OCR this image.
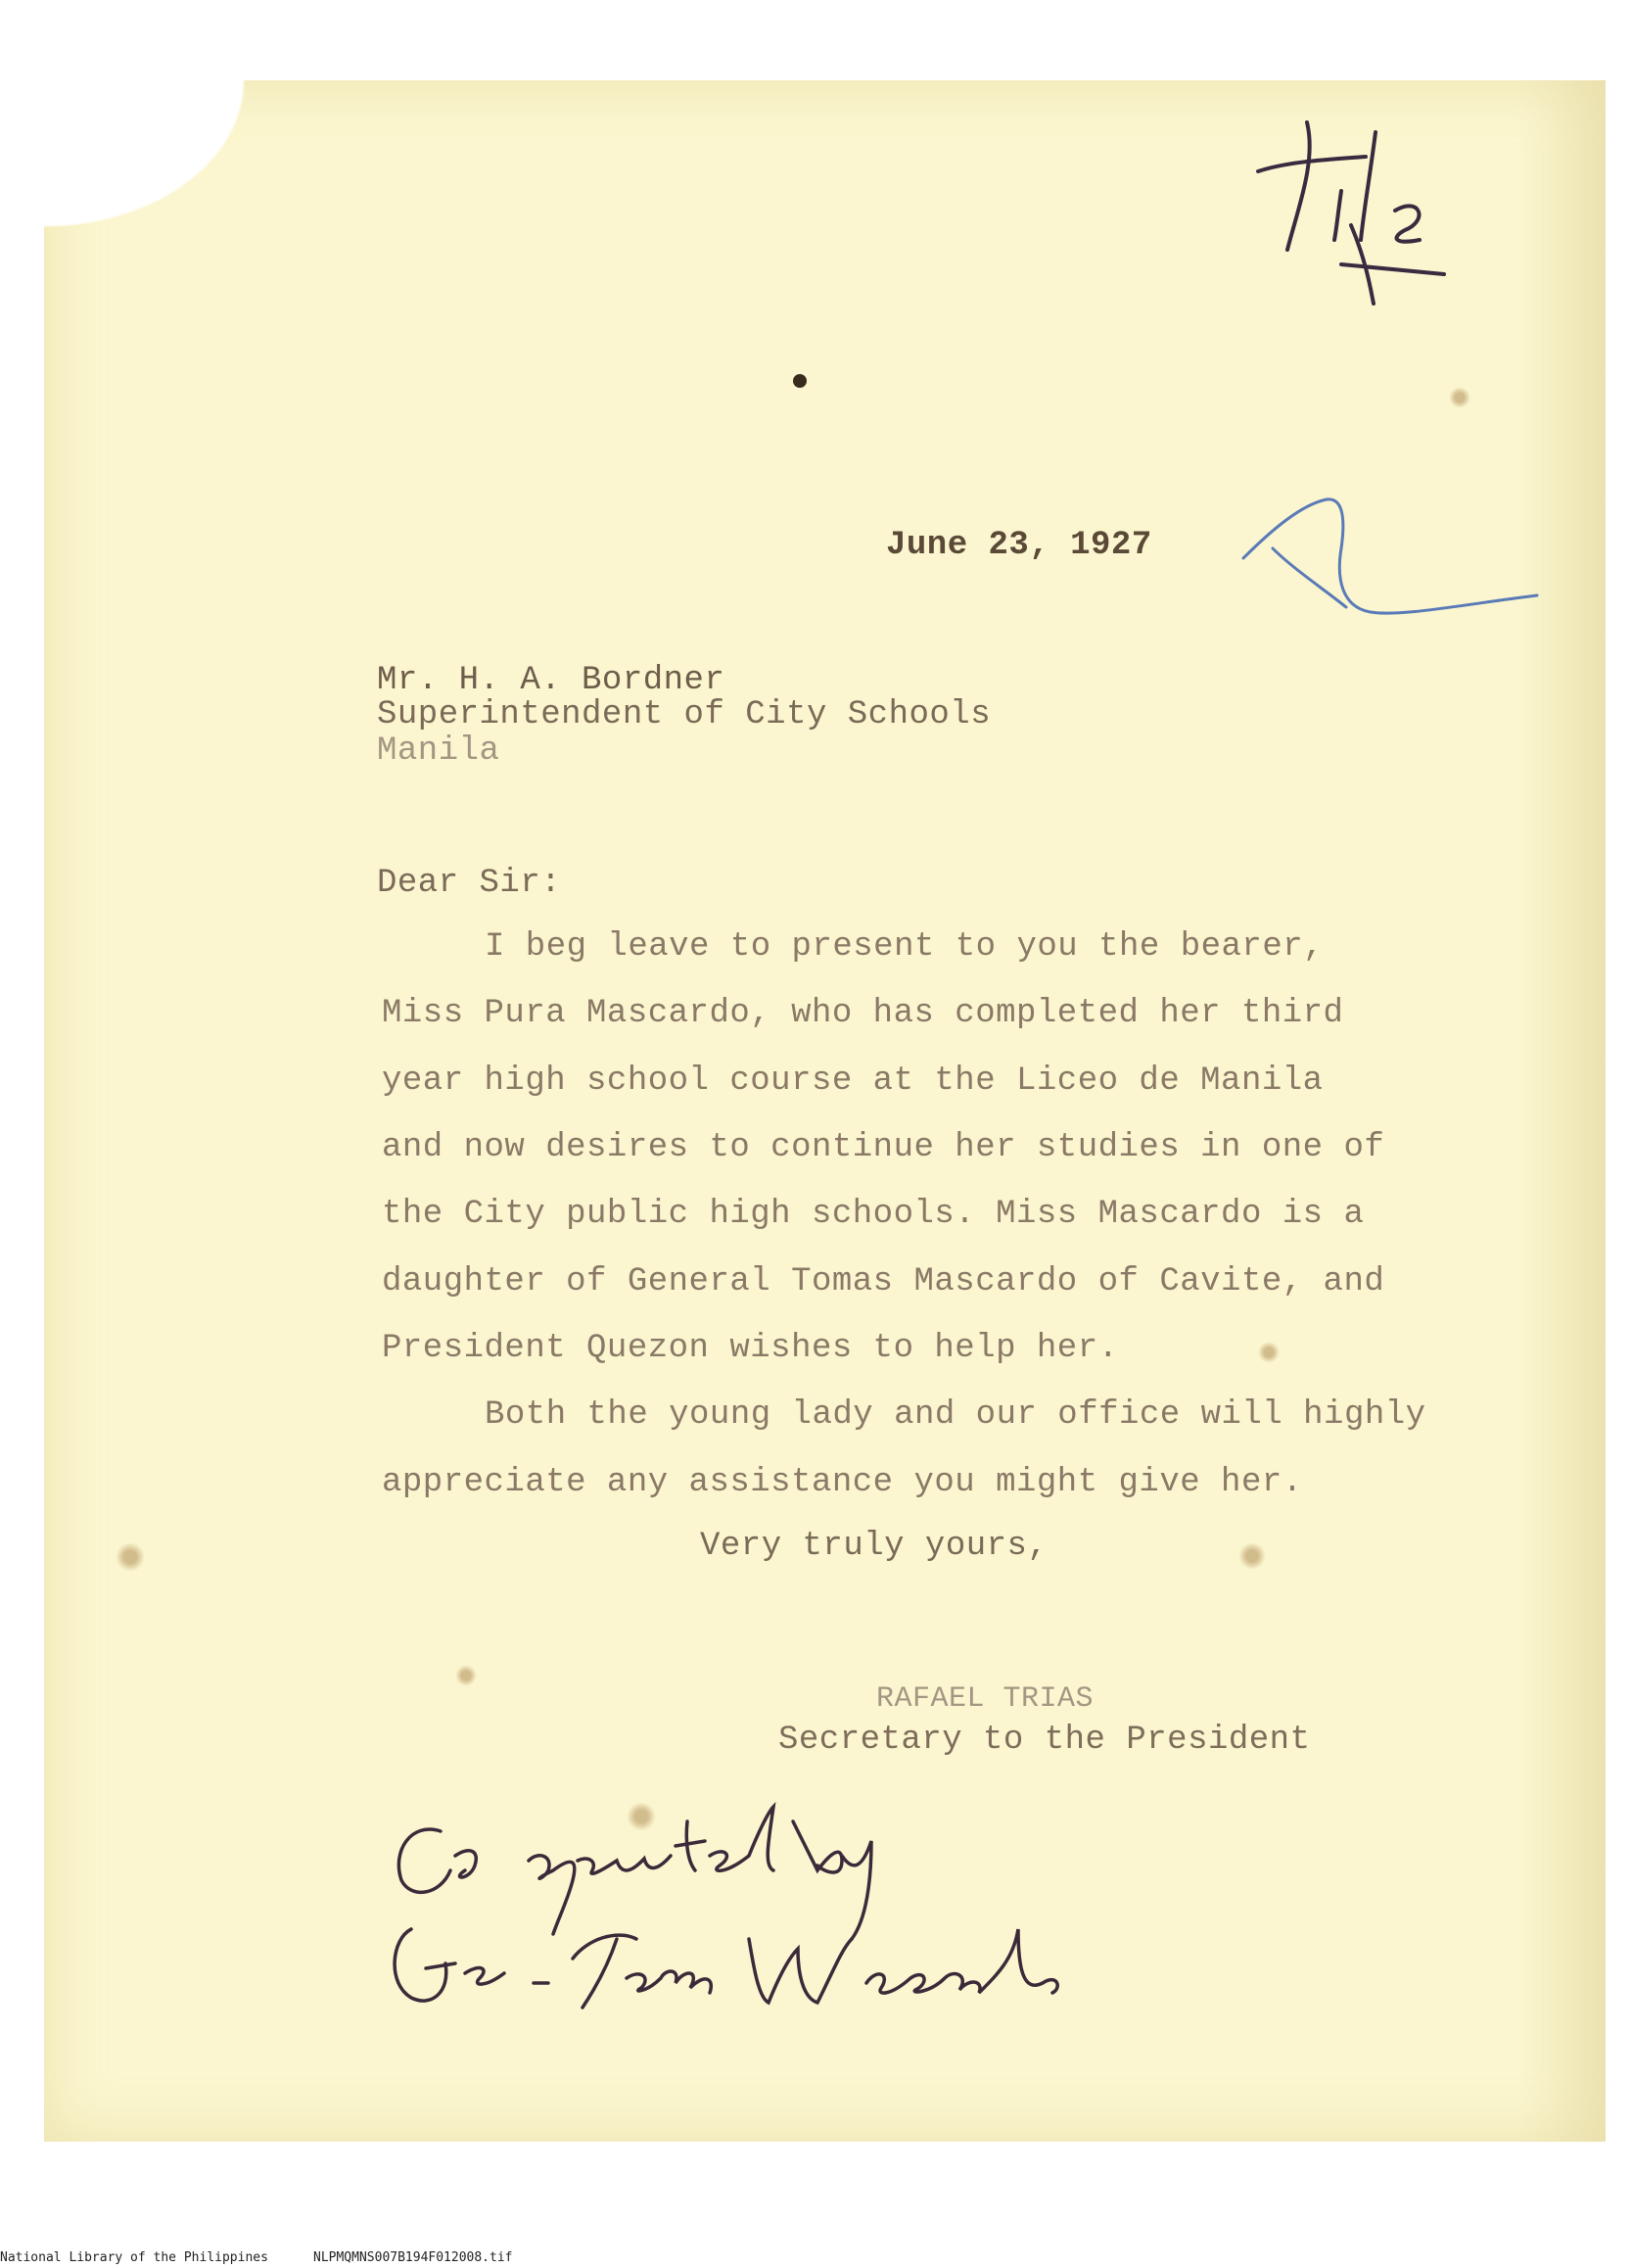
June 23, 1927
Mr. H. A. Bordner
Superintendent of City Schools
Manila
Dear Sir:
I beg leave to present to you the bearer,
Miss Pura Mascardo, who has completed her third
year high school course at the Liceo de Manila
and now desires to continue her studies in one of
the City public high schools. Miss Mascardo is a
daughter of General Tomas Mascardo of Cavite, and
President Quezon wishes to help her.
Both the young lady and our office will highly
appreciate any assistance you might give her.
Very truly yours,
RAFAEL TRIAS
Secretary to the President
National Library of the Philippines	NLPMQMNS007B194F012008.tif
